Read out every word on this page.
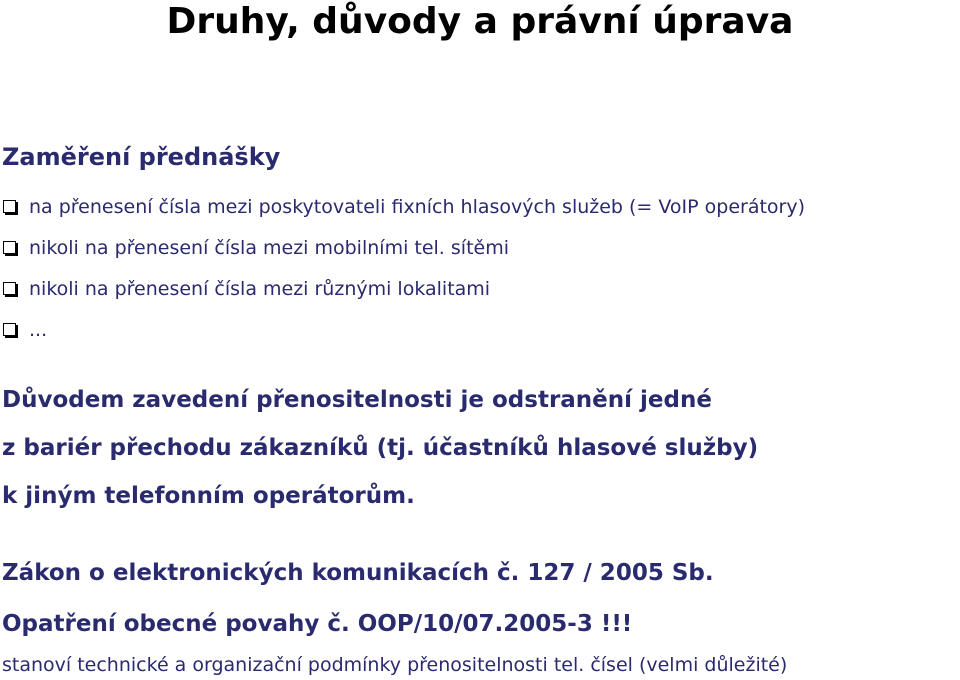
Druhy, důvody a právní úprava
Zaměření přednášky
na přenesení čísla mezi poskytovateli fixních hlasových služeb (= VoIP operátory)
nikoli na přenesení čísla mezi mobilními tel. sítěmi
nikoli na přenesení čísla mezi různými lokalitami
...

Důvodem zavedení přenositelnosti je odstranění jedné
z bariér přechodu zákazníků (tj. účastníků hlasové služby)
k jiným telefonním operátorům.

Zákon o elektronických komunikacích č. 127 / 2005 Sb.
Opatření obecné povahy č. OOP/10/07.2005-3 !!!
stanoví technické a organizační podmínky přenositelnosti tel. čísel (velmi důležité)
